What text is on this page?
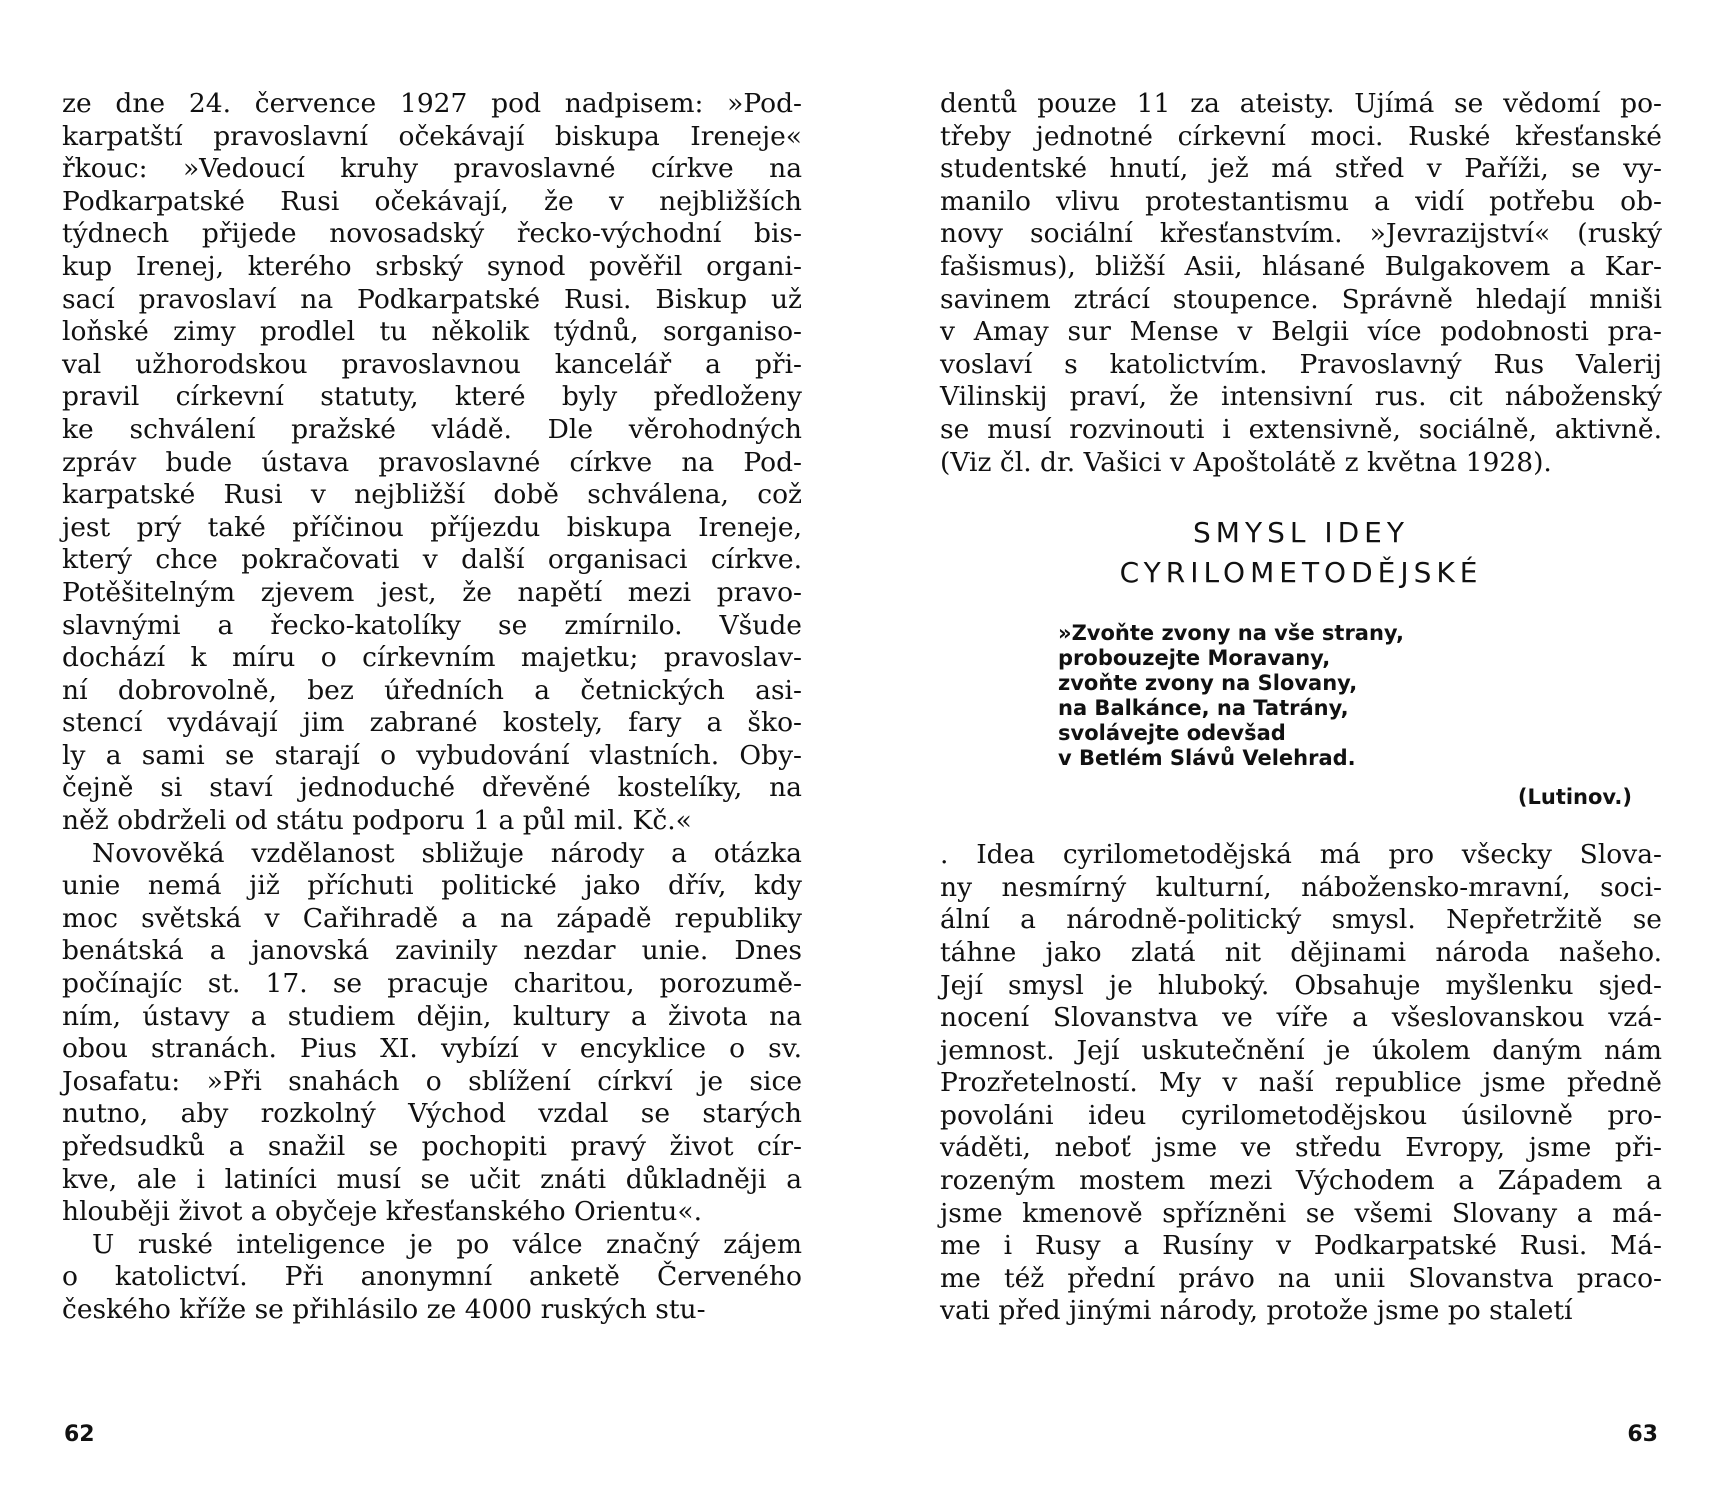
ze dne 24. července 1927 pod nadpisem: »Pod-
karpatští pravoslavní očekávají biskupa Ireneje«
řkouc: »Vedoucí kruhy pravoslavné církve na
Podkarpatské Rusi očekávají, že v nejbližších
týdnech přijede novosadský řecko-východní bis-
kup Irenej, kterého srbský synod pověřil organi-
sací pravoslaví na Podkarpatské Rusi. Biskup už
loňské zimy prodlel tu několik týdnů, sorganiso-
val užhorodskou pravoslavnou kancelář a při-
pravil církevní statuty, které byly předloženy
ke schválení pražské vládě. Dle věrohodných
zpráv bude ústava pravoslavné církve na Pod-
karpatské Rusi v nejbližší době schválena, což
jest prý také příčinou příjezdu biskupa Ireneje,
který chce pokračovati v další organisaci církve.
Potěšitelným zjevem jest, že napětí mezi pravo-
slavnými a řecko-katolíky se zmírnilo. Všude
dochází k míru o církevním majetku; pravoslav-
ní dobrovolně, bez úředních a četnických asi-
stencí vydávají jim zabrané kostely, fary a ško-
ly a sami se starají o vybudování vlastních. Oby-
čejně si staví jednoduché dřevěné kostelíky, na
něž obdrželi od státu podporu 1 a půl mil. Kč.«
Novověká vzdělanost sbližuje národy a otázka
unie nemá již příchuti politické jako dřív, kdy
moc světská v Cařihradě a na západě republiky
benátská a janovská zavinily nezdar unie. Dnes
počínajíc st. 17. se pracuje charitou, porozumě-
ním, ústavy a studiem dějin, kultury a života na
obou stranách. Pius XI. vybízí v encyklice o sv.
Josafatu: »Při snahách o sblížení církví je sice
nutno, aby rozkolný Východ vzdal se starých
předsudků a snažil se pochopiti pravý život cír-
kve, ale i latiníci musí se učit znáti důkladněji a
hlouběji život a obyčeje křesťanského Orientu«.
U ruské inteligence je po válce značný zájem
o katolictví. Při anonymní anketě Červeného
českého kříže se přihlásilo ze 4000 ruských stu-
62
dentů pouze 11 za ateisty. Ujímá se vědomí po-
třeby jednotné církevní moci. Ruské křesťanské
studentské hnutí, jež má střed v Paříži, se vy-
manilo vlivu protestantismu a vidí potřebu ob-
novy sociální křesťanstvím. »Jevrazijství« (ruský
fašismus), bližší Asii, hlásané Bulgakovem a Kar-
savinem ztrácí stoupence. Správně hledají mniši
v Amay sur Mense v Belgii více podobnosti pra-
voslaví s katolictvím. Pravoslavný Rus Valerij
Vilinskij praví, že intensivní rus. cit náboženský
se musí rozvinouti i extensivně, sociálně, aktivně.
(Viz čl. dr. Vašici v Apoštolátě z května 1928).
SMYSL IDEY
CYRILOMETODĚJSKÉ
»Zvoňte zvony na vše strany,
probouzejte Moravany,
zvoňte zvony na Slovany,
na Balkánce, na Tatrány,
svolávejte odevšad
v Betlém Slávů Velehrad.
(Lutinov.)
. Idea cyrilometodějská má pro všecky Slova-
ny nesmírný kulturní, nábožensko-mravní, soci-
ální a národně-politický smysl. Nepřetržitě se
táhne jako zlatá nit dějinami národa našeho.
Její smysl je hluboký. Obsahuje myšlenku sjed-
nocení Slovanstva ve víře a všeslovanskou vzá-
jemnost. Její uskutečnění je úkolem daným nám
Prozřetelností. My v naší republice jsme předně
povoláni ideu cyrilometodějskou úsilovně pro-
váděti, neboť jsme ve středu Evropy, jsme při-
rozeným mostem mezi Východem a Západem a
jsme kmenově spřízněni se všemi Slovany a má-
me i Rusy a Rusíny v Podkarpatské Rusi. Má-
me též přední právo na unii Slovanstva praco-
vati před jinými národy, protože jsme po staletí
63
